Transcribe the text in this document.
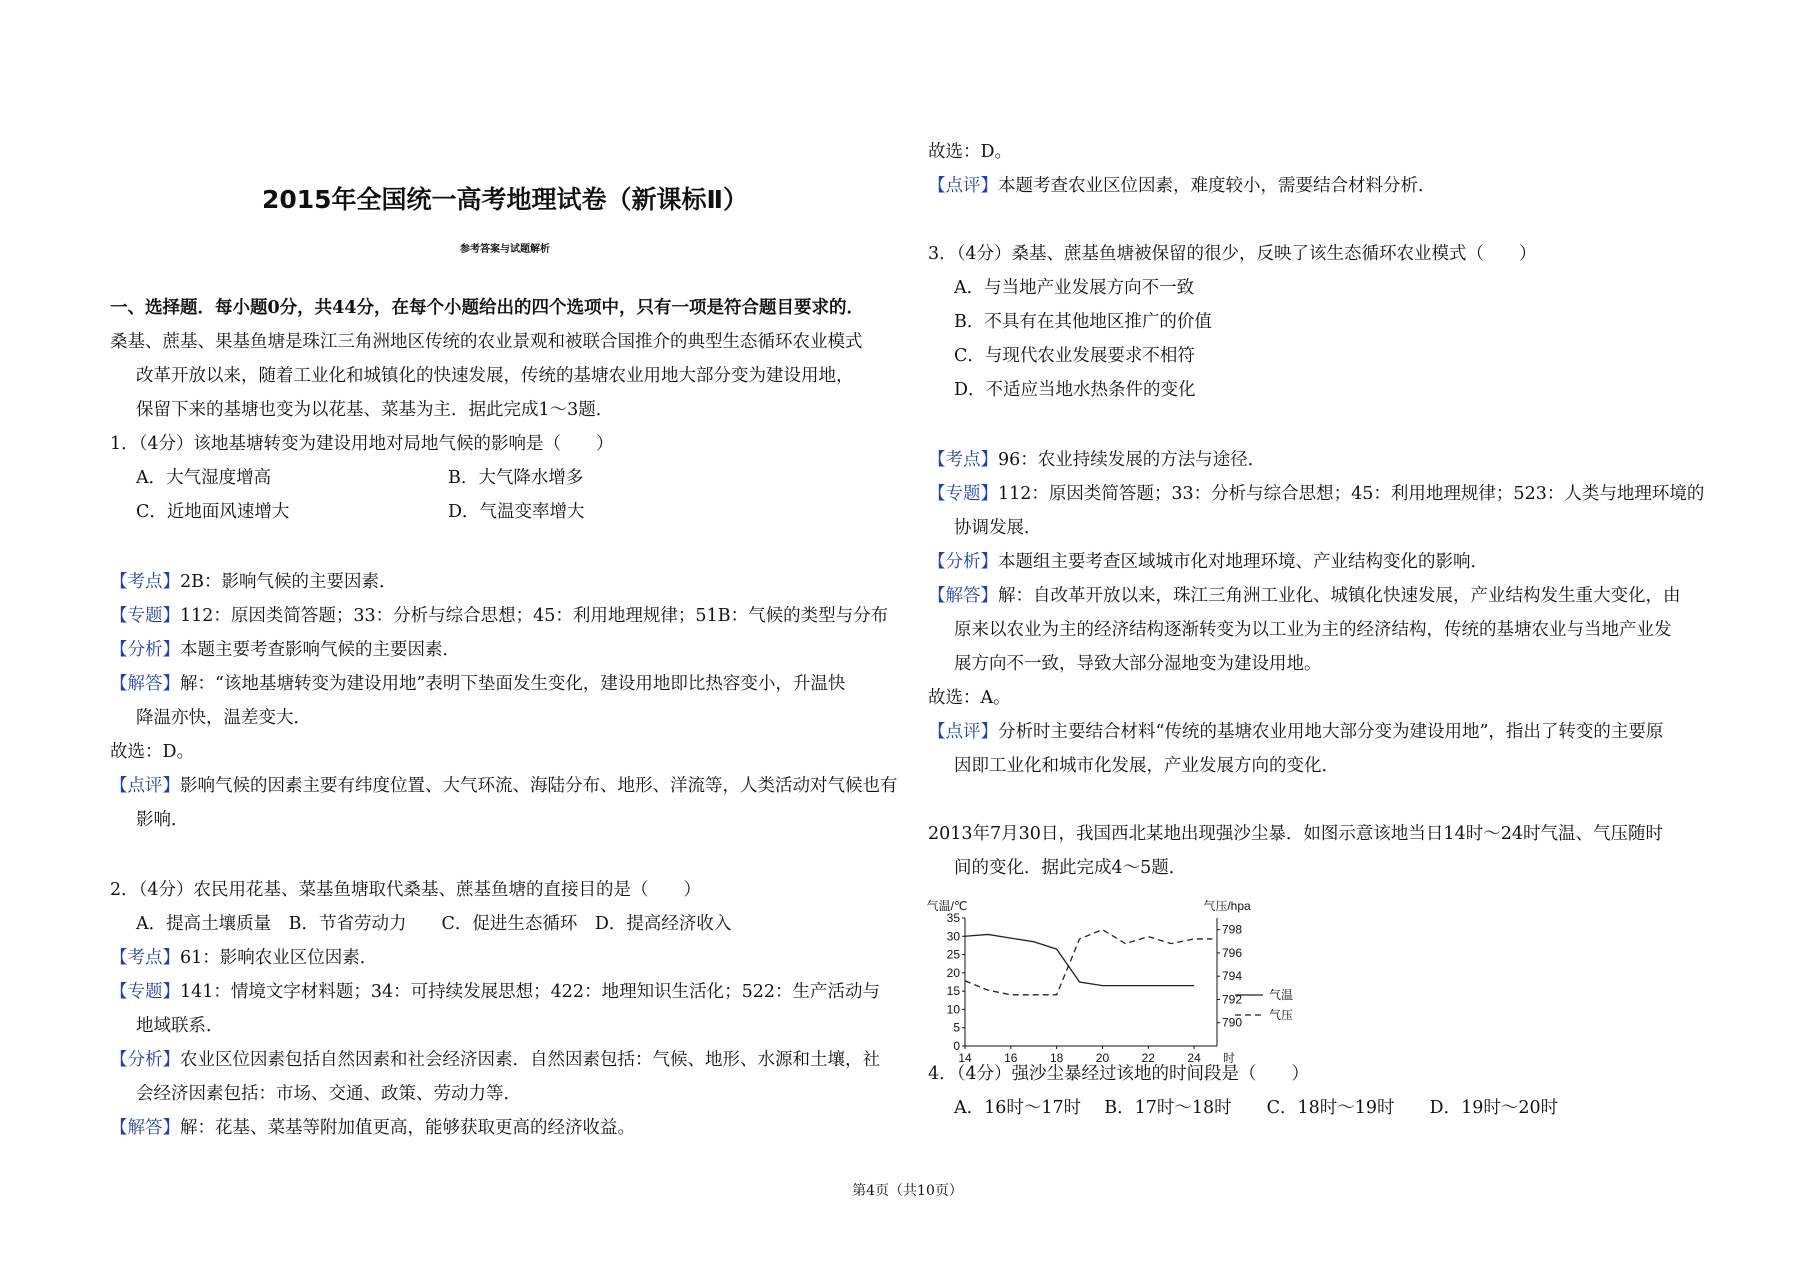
2015年全国统一高考地理试卷（新课标Ⅱ）
参考答案与试题解析
一、选择题．每小题0分，共44分，在每个小题给出的四个选项中，只有一项是符合题目要求的．
桑基、蔗基、果基鱼塘是珠江三角洲地区传统的农业景观和被联合国推介的典型生态循环农业模式
改革开放以来，随着工业化和城镇化的快速发展，传统的基塘农业用地大部分变为建设用地，
保留下来的基塘也变为以花基、菜基为主．据此完成1～3题．
1．（4分）该地基塘转变为建设用地对局地气候的影响是（　　）
A．大气湿度增高	B．大气降水增多
C．近地面风速增大	D．气温变率增大
【考点】2B：影响气候的主要因素．
【专题】112：原因类简答题；33：分析与综合思想；45：利用地理规律；51B：气候的类型与分布
【分析】本题主要考查影响气候的主要因素．
【解答】解：“该地基塘转变为建设用地”表明下垫面发生变化，建设用地即比热容变小，升温快
降温亦快，温差变大．
故选：D。
【点评】影响气候的因素主要有纬度位置、大气环流、海陆分布、地形、洋流等，人类活动对气候也有
影响．
2．（4分）农民用花基、菜基鱼塘取代桑基、蔗基鱼塘的直接目的是（　　）
A．提高土壤质量　B．节省劳动力　　C．促进生态循环　D．提高经济收入
【考点】61：影响农业区位因素．
【专题】141：情境文字材料题；34：可持续发展思想；422：地理知识生活化；522：生产活动与
地域联系．
【分析】农业区位因素包括自然因素和社会经济因素．自然因素包括：气候、地形、水源和土壤，社
会经济因素包括：市场、交通、政策、劳动力等．
【解答】解：花基、菜基等附加值更高，能够获取更高的经济收益。
故选：D。
【点评】本题考查农业区位因素，难度较小，需要结合材料分析．
3．（4分）桑基、蔗基鱼塘被保留的很少，反映了该生态循环农业模式（　　）
A．与当地产业发展方向不一致
B．不具有在其他地区推广的价值
C．与现代农业发展要求不相符
D．不适应当地水热条件的变化
【考点】96：农业持续发展的方法与途径．
【专题】112：原因类简答题；33：分析与综合思想；45：利用地理规律；523：人类与地理环境的
协调发展．
【分析】本题组主要考查区域城市化对地理环境、产业结构变化的影响．
【解答】解：自改革开放以来，珠江三角洲工业化、城镇化快速发展，产业结构发生重大变化，由
原来以农业为主的经济结构逐渐转变为以工业为主的经济结构，传统的基塘农业与当地产业发
展方向不一致，导致大部分湿地变为建设用地。
故选：A。
【点评】分析时主要结合材料“传统的基塘农业用地大部分变为建设用地”，指出了转变的主要原
因即工业化和城市化发展，产业发展方向的变化．
2013年7月30日，我国西北某地出现强沙尘暴．如图示意该地当日14时～24时气温、气压随时
间的变化．据此完成4～5题．
4．（4分）强沙尘暴经过该地的时间段是（　　）
A．16时～17时　 B．17时～18时　　C．18时～19时　　D．19时～20时
0
5
10
15
20
25
30
35
790
792
794
796
798
14	16	18	20	22	24 时
气温/℃	气压/hpa
气温
气压
第4页（共10页）
